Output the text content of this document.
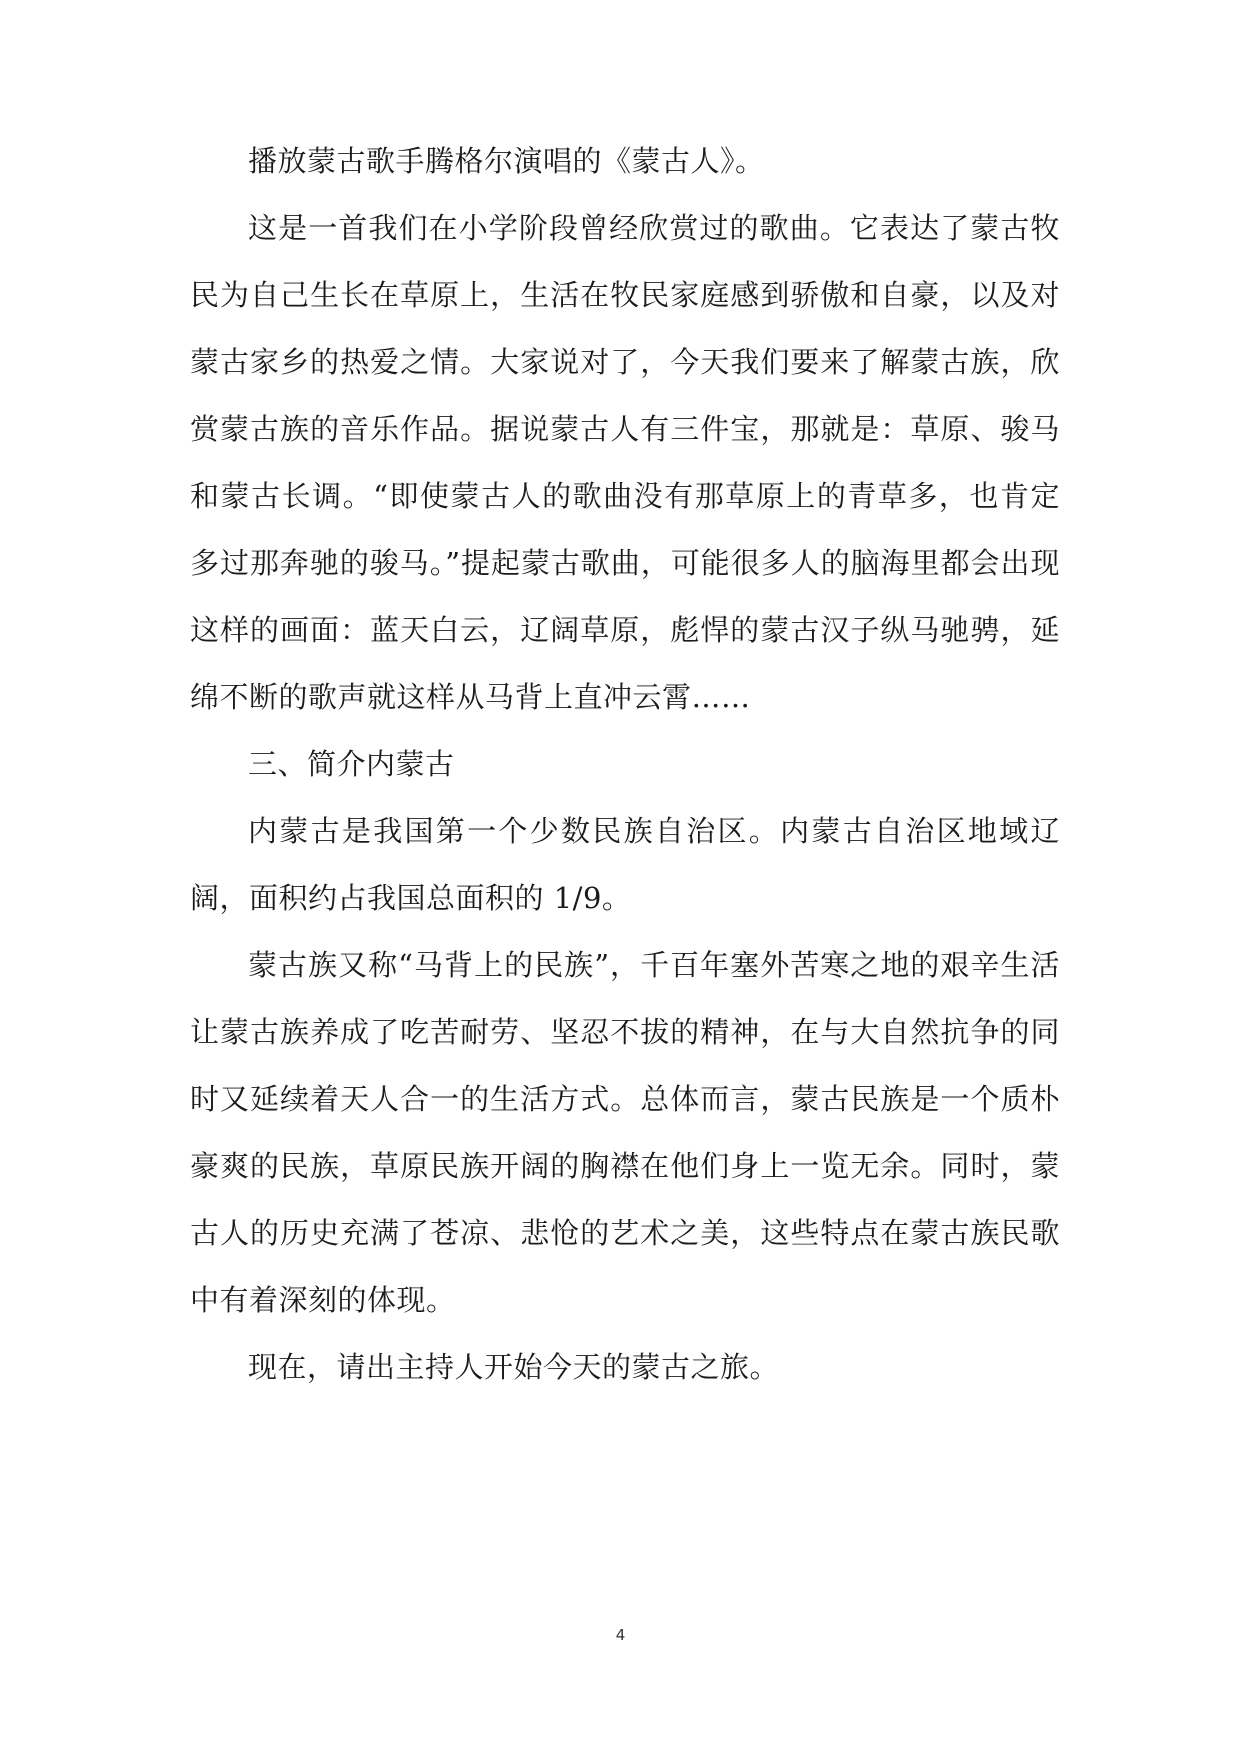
播放蒙古歌手腾格尔演唱的《蒙古人》。

这是一首我们在小学阶段曾经欣赏过的歌曲。它表达了蒙古牧民为自己生长在草原上，生活在牧民家庭感到骄傲和自豪，以及对蒙古家乡的热爱之情。大家说对了，今天我们要来了解蒙古族，欣赏蒙古族的音乐作品。据说蒙古人有三件宝，那就是：草原、骏马和蒙古长调。“即使蒙古人的歌曲没有那草原上的青草多，也肯定多过那奔驰的骏马。”提起蒙古歌曲，可能很多人的脑海里都会出现这样的画面：蓝天白云，辽阔草原，彪悍的蒙古汉子纵马驰骋，延绵不断的歌声就这样从马背上直冲云霄……

三、简介内蒙古

内蒙古是我国第一个少数民族自治区。内蒙古自治区地域辽阔，面积约占我国总面积的 1/9。

蒙古族又称“马背上的民族”，千百年塞外苦寒之地的艰辛生活让蒙古族养成了吃苦耐劳、坚忍不拔的精神，在与大自然抗争的同时又延续着天人合一的生活方式。总体而言，蒙古民族是一个质朴豪爽的民族，草原民族开阔的胸襟在他们身上一览无余。同时，蒙古人的历史充满了苍凉、悲怆的艺术之美，这些特点在蒙古族民歌中有着深刻的体现。

现在，请出主持人开始今天的蒙古之旅。

4
